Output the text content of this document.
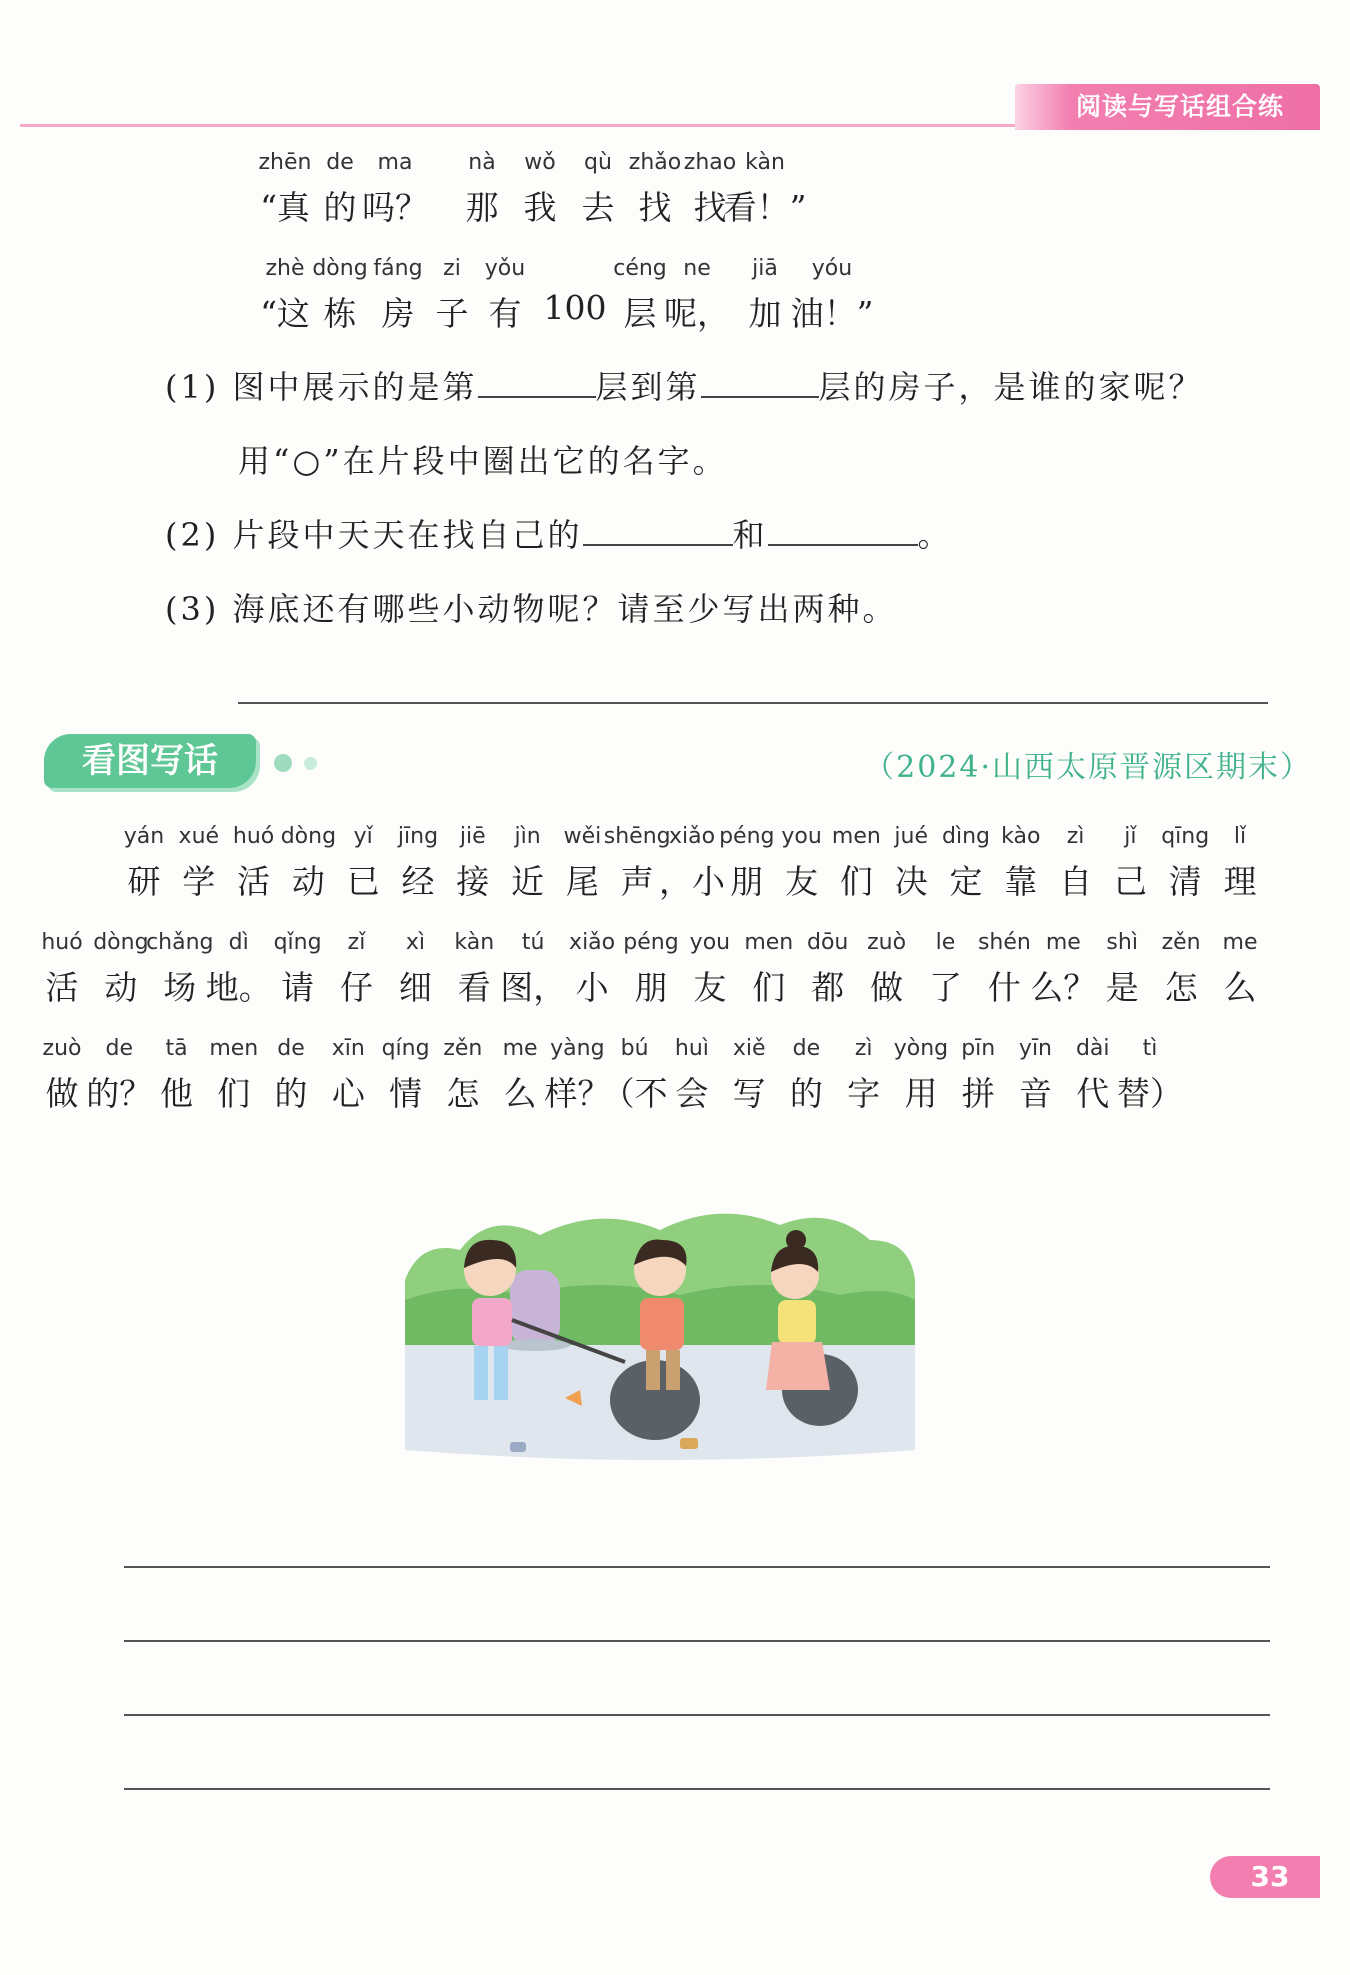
阅读与写话组合练
zhēn
“真
de
的
ma
吗？
nà
那
wǒ
我
qù
去
zhǎo
找
zhao
找
kàn
看！”
zhè
“这
dòng
栋
fáng
房
zi
子
yǒu
有 100
céng
层
ne
呢，
jiā
加
yóu
油！”
(1) 图中展示的是第	层到第	层的房子，是谁的家呢？
用“○”在片段中圈出它的名字。
(2) 片段中天天在找自己的	和	。
(3) 海底还有哪些小动物呢？请至少写出两种。
看图写话	（2024·山西太原晋源区期末）
yán
研
xué
学
huó
活
dòng
动
yǐ
已
jīng
经
jiē
接
jìn
近
wěi
尾
shēng
声
xiǎo
，小
péng
朋
you
友
men
们
jué
决
dìng
定
kào
靠
zì
自
jǐ
己
qīng
清
lǐ
理
huó
活
dòng
动
chǎng
场
dì
地。
qǐng
请
zǐ
仔
xì
细
kàn
看
tú
图，
xiǎo
小
péng
朋
you
友
men
们
dōu
都
zuò
做
le
了
shén
什
me
么？
shì
是
zěn
怎
me
么
zuò
做
de
的？
tā
他
men
们
de
的
xīn
心
qíng
情
zěn
怎
me
么
yàng
样？
bú
（不
huì
会
xiě
写
de
的
zì
字
yòng
用
pīn
拼
yīn
音
dài
代
tì
替）
33
